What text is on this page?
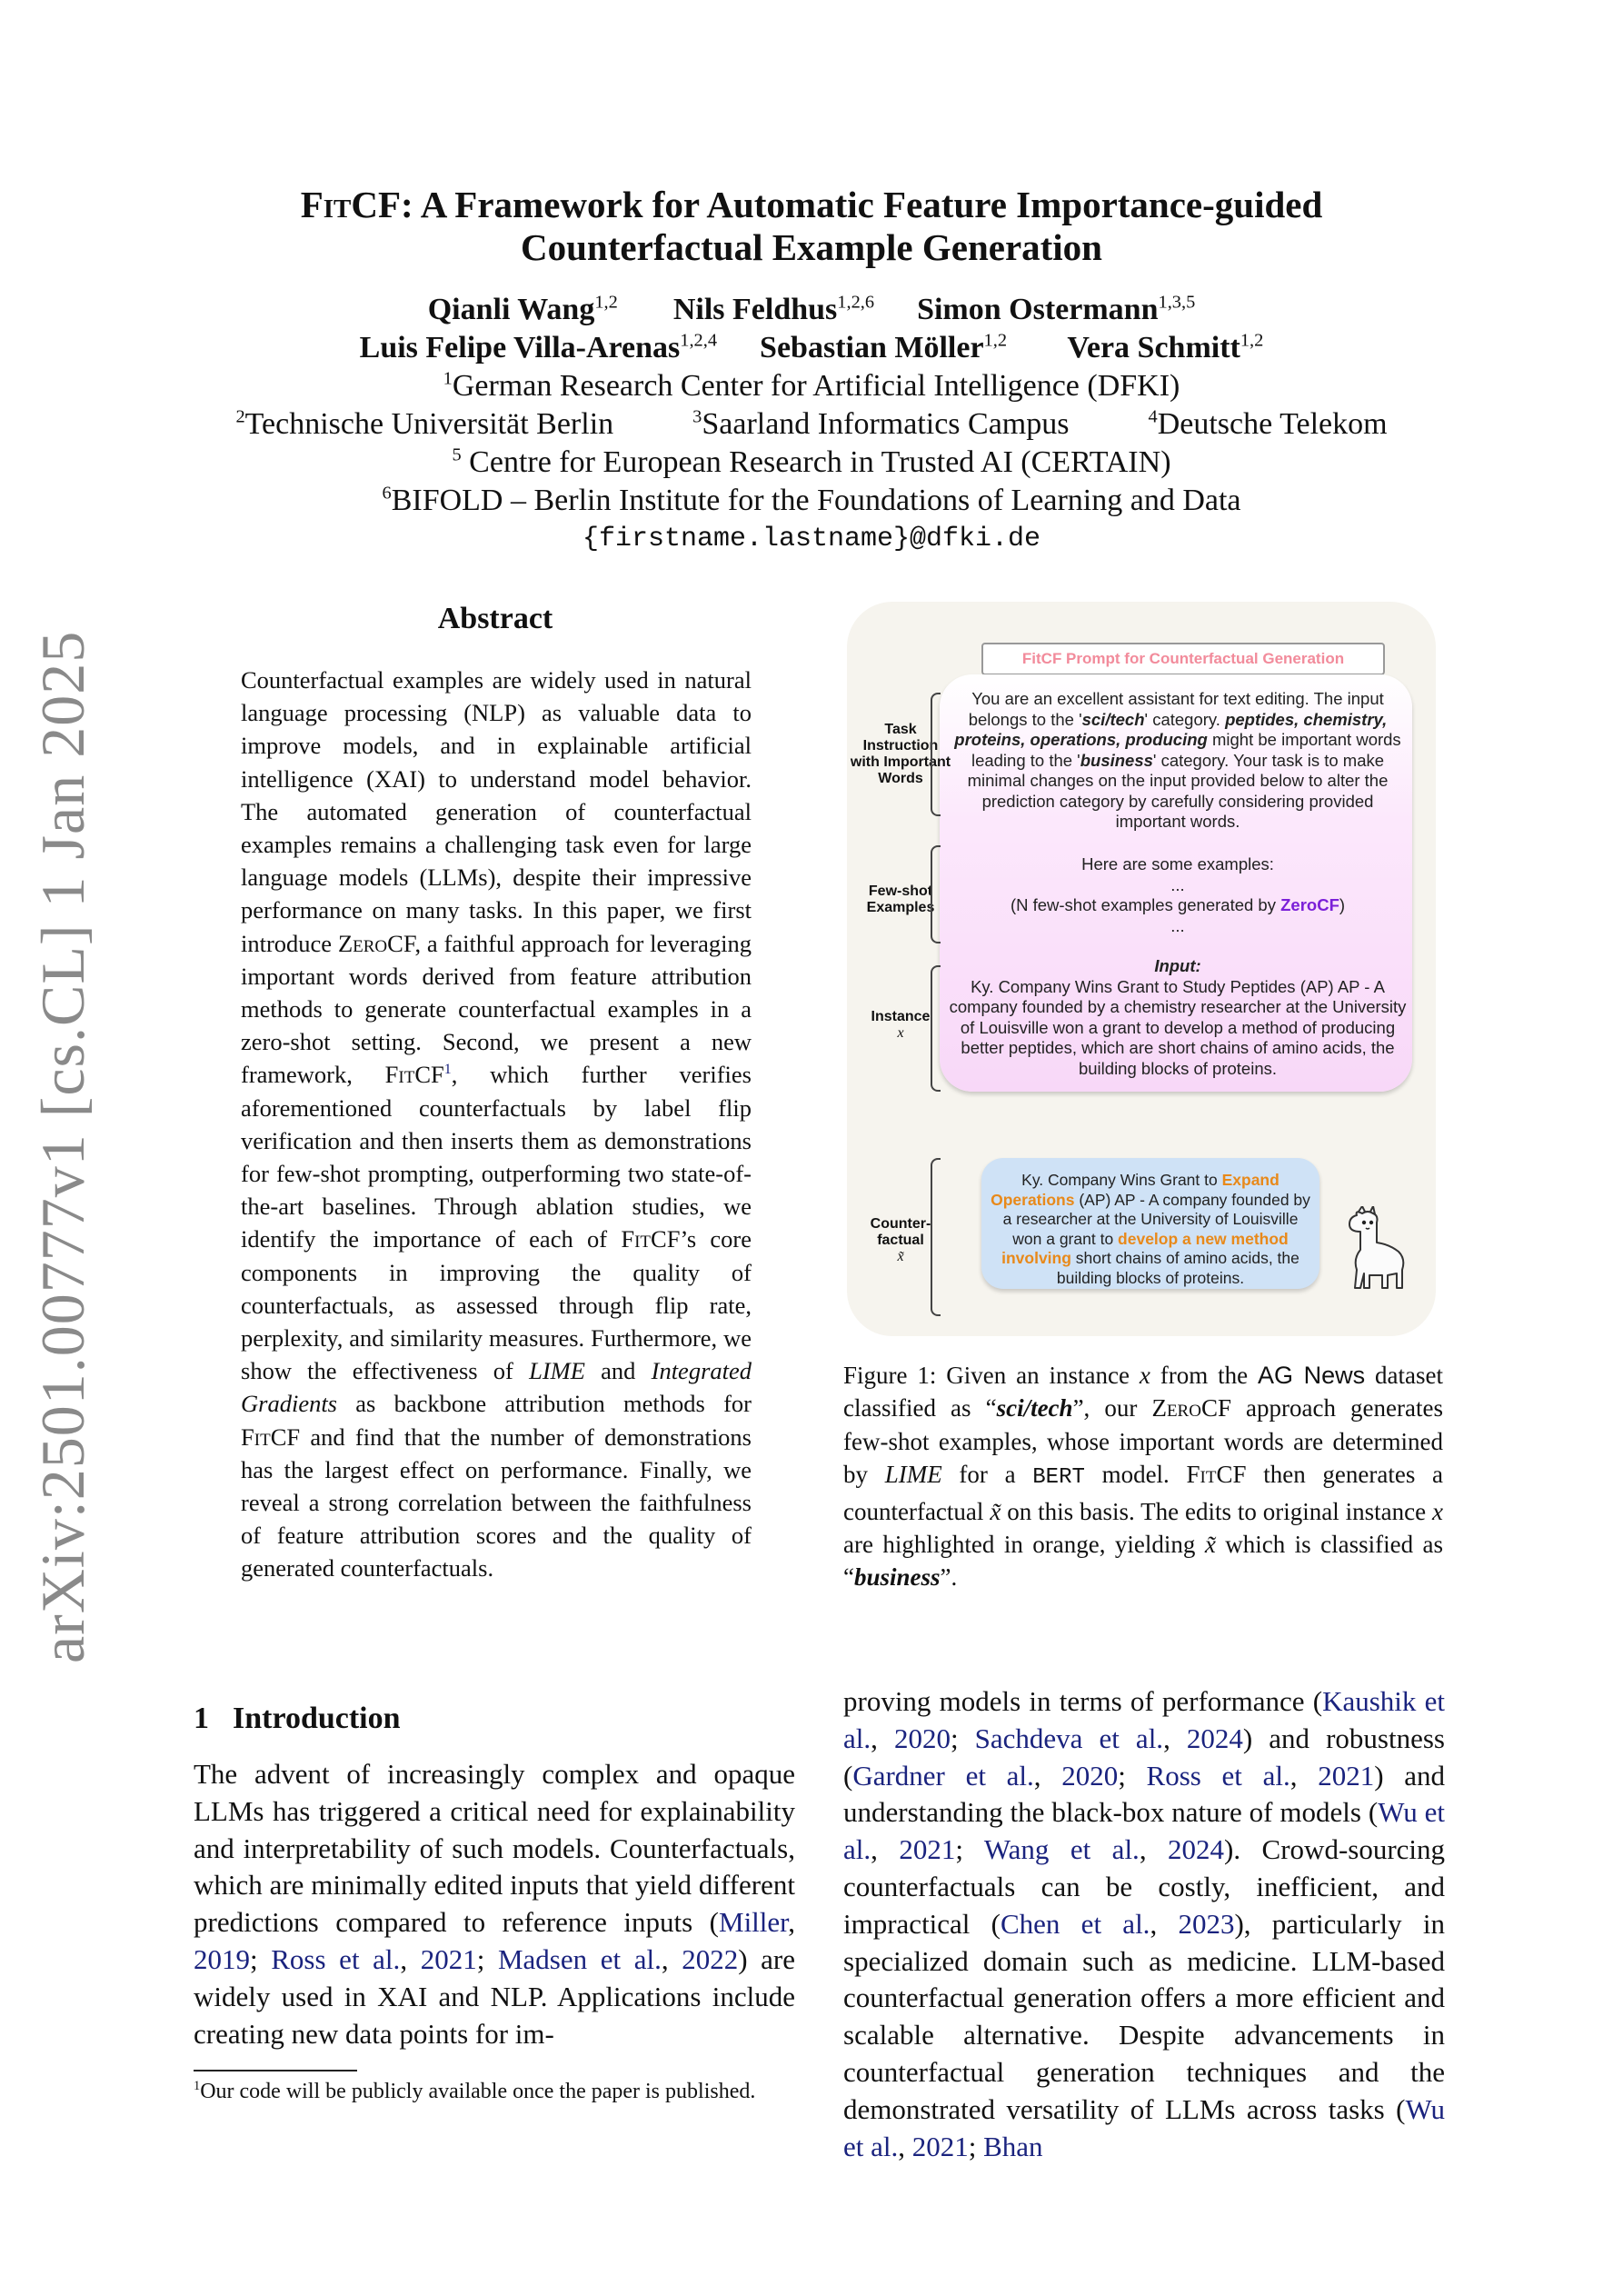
arXiv:2501.00777v1 [cs.CL] 1 Jan 2025
FitCF: A Framework for Automatic Feature Importance-guided
Counterfactual Example Generation
Qianli Wang$^{1,2}$ Nils Feldhus$^{1,2,6}$ Simon Ostermann$^{1,3,5}$
Luis Felipe Villa-Arenas$^{1,2,4}$ Sebastian Möller$^{1,2}$ Vera Schmitt$^{1,2}$
$^1$German Research Center for Artificial Intelligence (DFKI)
$^2$Technische Universität Berlin	$^3$Saarland Informatics Campus	$^4$Deutsche Telekom
$^5$ Centre for European Research in Trusted AI (CERTAIN)
$^6$BIFOLD – Berlin Institute for the Foundations of Learning and Data
{firstname.lastname}@dfki.de
Abstract
Counterfactual examples are widely used in natural language processing (NLP) as valuable data to improve models, and in explainable artificial intelligence (XAI) to understand model behavior. The automated generation of counterfactual examples remains a challenging task even for large language models (LLMs), despite their impressive performance on many tasks. In this paper, we first introduce ZeroCF, a faithful approach for leveraging important words derived from feature attribution methods to generate counterfactual examples in a zero-shot setting. Second, we present a new framework, FitCF$^1$, which further verifies aforementioned counterfactuals by label flip verification and then inserts them as demonstrations for few-shot prompting, outperforming two state-of-the-art baselines. Through ablation studies, we identify the importance of each of FitCF’s core components in improving the quality of counterfactuals, as assessed through flip rate, perplexity, and similarity measures. Furthermore, we show the effectiveness of LIME and Integrated Gradients as backbone attribution methods for FitCF and find that the number of demonstrations has the largest effect on performance. Finally, we reveal a strong correlation between the faithfulness of feature attribution scores and the quality of generated counterfactuals.
FitCF Prompt for Counterfactual Generation
Task Instruction with Important Words
Few-shot Examples
Instance
x
Counter-factual
x̃
You are an excellent assistant for text editing. The input belongs to the 'sci/tech' category. peptides, chemistry, proteins, operations, producing might be important words leading to the 'business' category. Your task is to make minimal changes on the input provided below to alter the prediction category by carefully considering provided important words.
Here are some examples:
...
(N few-shot examples generated by ZeroCF)
...
Input:
Ky. Company Wins Grant to Study Peptides (AP) AP - A company founded by a chemistry researcher at the University of Louisville won a grant to develop a method of producing better peptides, which are short chains of amino acids, the building blocks of proteins.
Ky. Company Wins Grant to Expand Operations (AP) AP - A company founded by a researcher at the University of Louisville won a grant to develop a new method involving short chains of amino acids, the building blocks of proteins.
Figure 1: Given an instance x from the AG News dataset classified as “sci/tech”, our ZeroCF approach generates few-shot examples, whose important words are determined by LIME for a BERT model. FitCF then generates a counterfactual x̃ on this basis. The edits to original instance x are highlighted in orange, yielding x̃ which is classified as “business”.
1 Introduction
The advent of increasingly complex and opaque LLMs has triggered a critical need for explainability and interpretability of such models. Counterfactuals, which are minimally edited inputs that yield different predictions compared to reference inputs (Miller, 2019; Ross et al., 2021; Madsen et al., 2022) are widely used in XAI and NLP. Applications include creating new data points for im-
proving models in terms of performance (Kaushik et al., 2020; Sachdeva et al., 2024) and robustness (Gardner et al., 2020; Ross et al., 2021) and understanding the black-box nature of models (Wu et al., 2021; Wang et al., 2024). Crowd-sourcing counterfactuals can be costly, inefficient, and impractical (Chen et al., 2023), particularly in specialized domain such as medicine. LLM-based counterfactual generation offers a more efficient and scalable alternative. Despite advancements in counterfactual generation techniques and the demonstrated versatility of LLMs across tasks (Wu et al., 2021; Bhan
$^1$Our code will be publicly available once the paper is published.
